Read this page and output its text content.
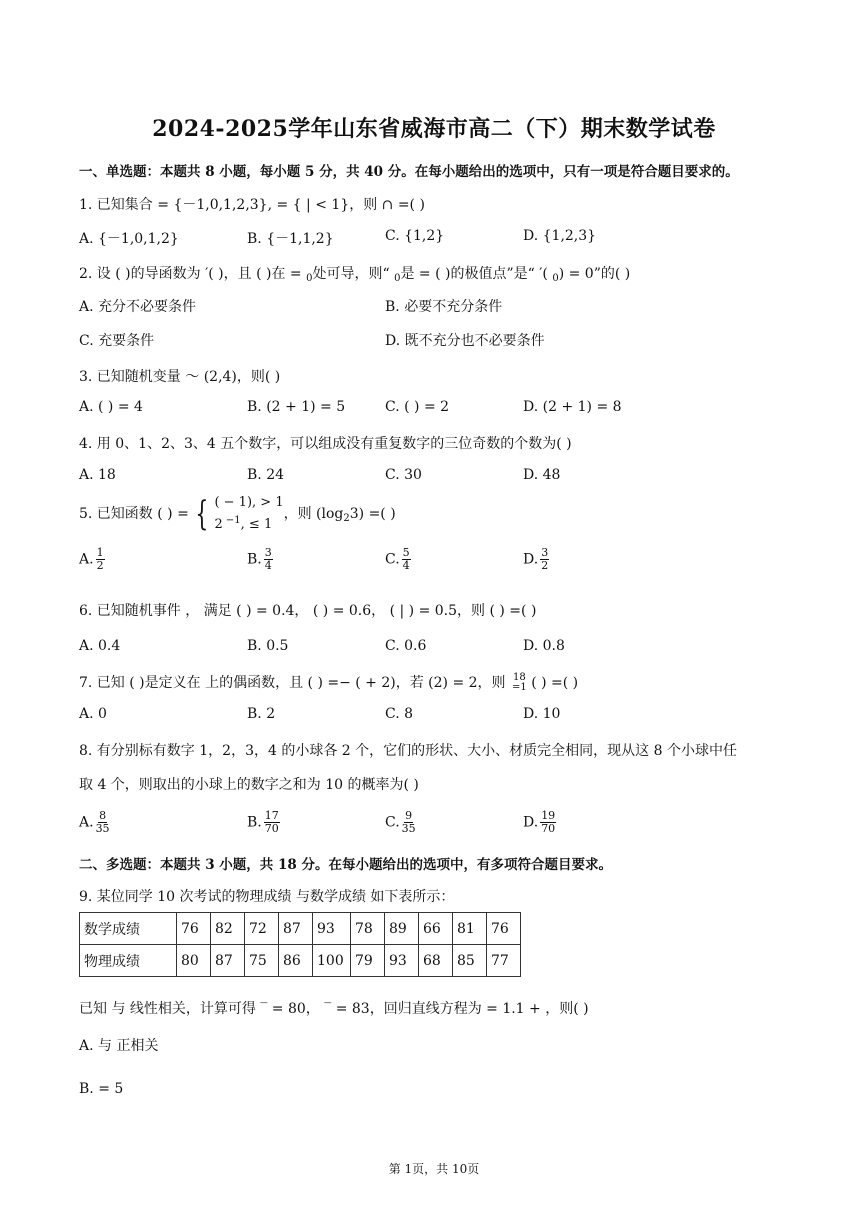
2024-2025学年山东省威海市高二（下）期末数学试卷
一、单选题：本题共 8 小题，每小题 5 分，共 40 分。在每小题给出的选项中，只有一项是符合题目要求的。
1. 已知集合 = {－1,0,1,2,3}, = { | < 1}，则 ∩ =( )
A. {－1,0,1,2}	B. {－1,1,2}	C. {1,2}	D. {1,2,3}
2. 设 ( )的导函数为 ′( )，且 ( )在 = $_0$处可导，则“ $_0$是 = ( )的极值点”是“ ′( $_0$) = 0”的( )
A. 充分不必要条件	B. 必要不充分条件
C. 充要条件	D. 既不充分也不必要条件
3. 已知随机变量 ～ (2,4)，则( )
A. ( ) = 4	B. (2 + 1) = 5	C. ( ) = 2	D. (2 + 1) = 8
4. 用 0、1、2、3、4 五个数字，可以组成没有重复数字的三位奇数的个数为( )
A. 18	B. 24	C. 30	D. 48
5. 已知函数 ( ) = { ( − 1), > 1
2 $^{-1}$, ≤ 1
，则 $(\log_23)$ =( )
A. $\frac{1}{2}$	B. $\frac{3}{4}$	C. $\frac{5}{4}$	D. $\frac{3}{2}$
6. 已知随机事件 ， 满足 ( ) = 0.4， ( ) = 0.6， ( | ) = 0.5，则 ( ) =( )
A. 0.4	B. 0.5	C. 0.6	D. 0.8
7. 已知 ( )是定义在 上的偶函数，且 ( ) =− ( + 2)，若 (2) = 2，则 18
=1 ( ) =( )
A. 0	B. 2	C. 8	D. 10
8. 有分别标有数字 1，2，3，4 的小球各 2 个，它们的形状、大小、材质完全相同，现从这 8 个小球中任
取 4 个，则取出的小球上的数字之和为 10 的概率为( )
A. $\frac{8}{35}$	B. $\frac{17}{70}$	C. $\frac{9}{35}$	D. $\frac{19}{70}$
二、多选题：本题共 3 小题，共 18 分。在每小题给出的选项中，有多项符合题目要求。
9. 某位同学 10 次考试的物理成绩 与数学成绩 如下表所示：
数学成绩	76	82	72	87	93	78	89	66	81	76
物理成绩	80	87	75	86	100	79	93	68	85	77
已知 与 线性相关，计算可得 ‾ = 80， ‾ = 83，回归直线方程为 = 1.1 + ，则( )
A. 与 正相关
B. = 5
第 1页，共 10页
